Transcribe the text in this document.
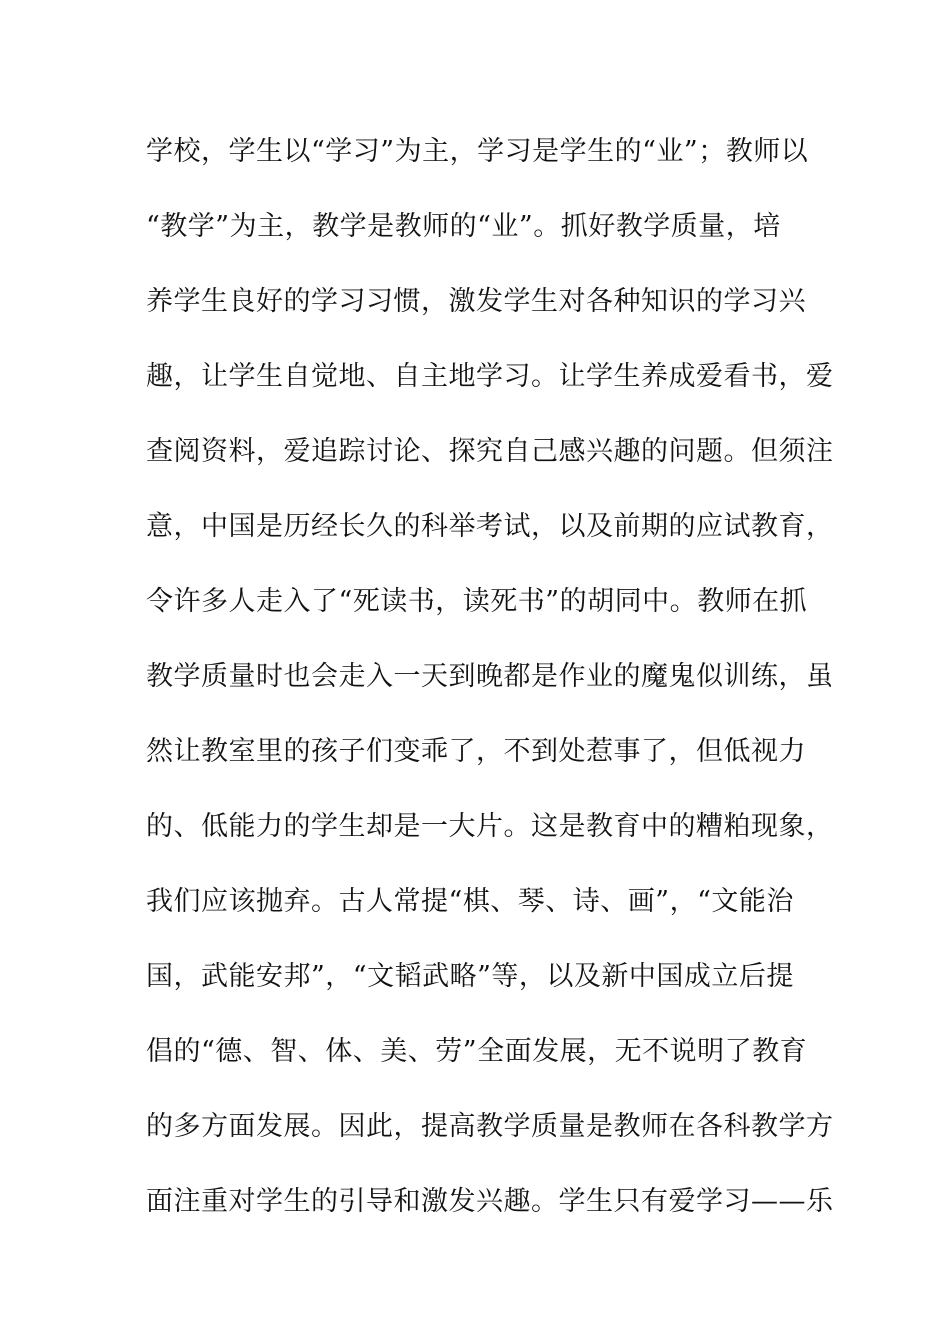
学校，学生以“学习”为主，学习是学生的“业”；教师以
“教学”为主，教学是教师的“业”。抓好教学质量，培
养学生良好的学习习惯，激发学生对各种知识的学习兴
趣，让学生自觉地、自主地学习。让学生养成爱看书，爱
查阅资料，爱追踪讨论、探究自己感兴趣的问题。但须注
意，中国是历经长久的科举考试，以及前期的应试教育，
令许多人走入了“死读书，读死书”的胡同中。教师在抓
教学质量时也会走入一天到晚都是作业的魔鬼似训练，虽
然让教室里的孩子们变乖了，不到处惹事了，但低视力
的、低能力的学生却是一大片。这是教育中的糟粕现象，
我们应该抛弃。古人常提“棋、琴、诗、画”，“文能治
国，武能安邦”，“文韬武略”等，以及新中国成立后提
倡的“德、智、体、美、劳”全面发展，无不说明了教育
的多方面发展。因此，提高教学质量是教师在各科教学方
面注重对学生的引导和激发兴趣。学生只有爱学习——乐
